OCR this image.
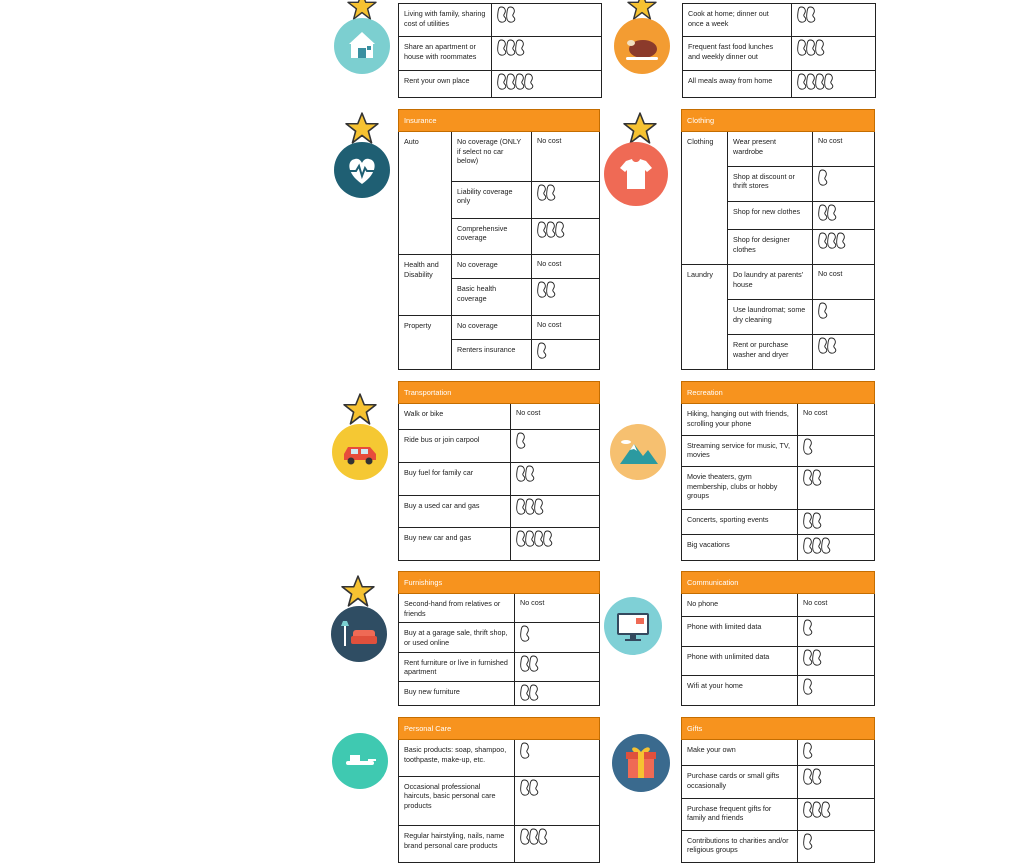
Living with family, sharing cost of utilities	

Share an apartment or house with roommates	

Rent your own place	
Cook at home; dinner out once a week	

Frequent fast food lunches and weekly dinner out	

All meals away from home	
Insurance		
Auto	No coverage (ONLY if select no car below)	No cost
	Liability coverage only	

	Comprehensive coverage	

Health and Disability	No coverage	No cost
	Basic health coverage	

Property	No coverage	No cost
	Renters insurance	
Clothing		
Clothing	Wear present wardrobe	No cost
	Shop at discount or thrift stores	

	Shop for new clothes	

	Shop for designer clothes	

Laundry	Do laundry at parents' house	No cost
	Use laundromat; some dry cleaning	

	Rent or purchase washer and dryer	
Transportation	
Walk or bike	No cost
Ride bus or join carpool	

Buy fuel for family car	

Buy a used car and gas	

Buy new car and gas	
Recreation	
Hiking, hanging out with friends, scrolling your phone	No cost
Streaming service for music, TV, movies	

Movie theaters, gym membership, clubs or hobby groups	

Concerts, sporting events	

Big vacations	
Furnishings	
Second-hand from relatives or friends	No cost
Buy at a garage sale, thrift shop, or used online	

Rent furniture or live in furnished apartment	

Buy new furniture	
Communication	
No phone	No cost
Phone with limited data	

Phone with unlimited data	

Wifi at your home	
Personal Care	
Basic products: soap, shampoo, toothpaste, make-up, etc.	

Occasional professional haircuts, basic personal care products	

Regular hairstyling, nails, name brand personal care products	
Gifts	
Make your own	

Purchase cards or small gifts occasionally	

Purchase frequent gifts for family and friends	

Contributions to charities and/or religious groups	
